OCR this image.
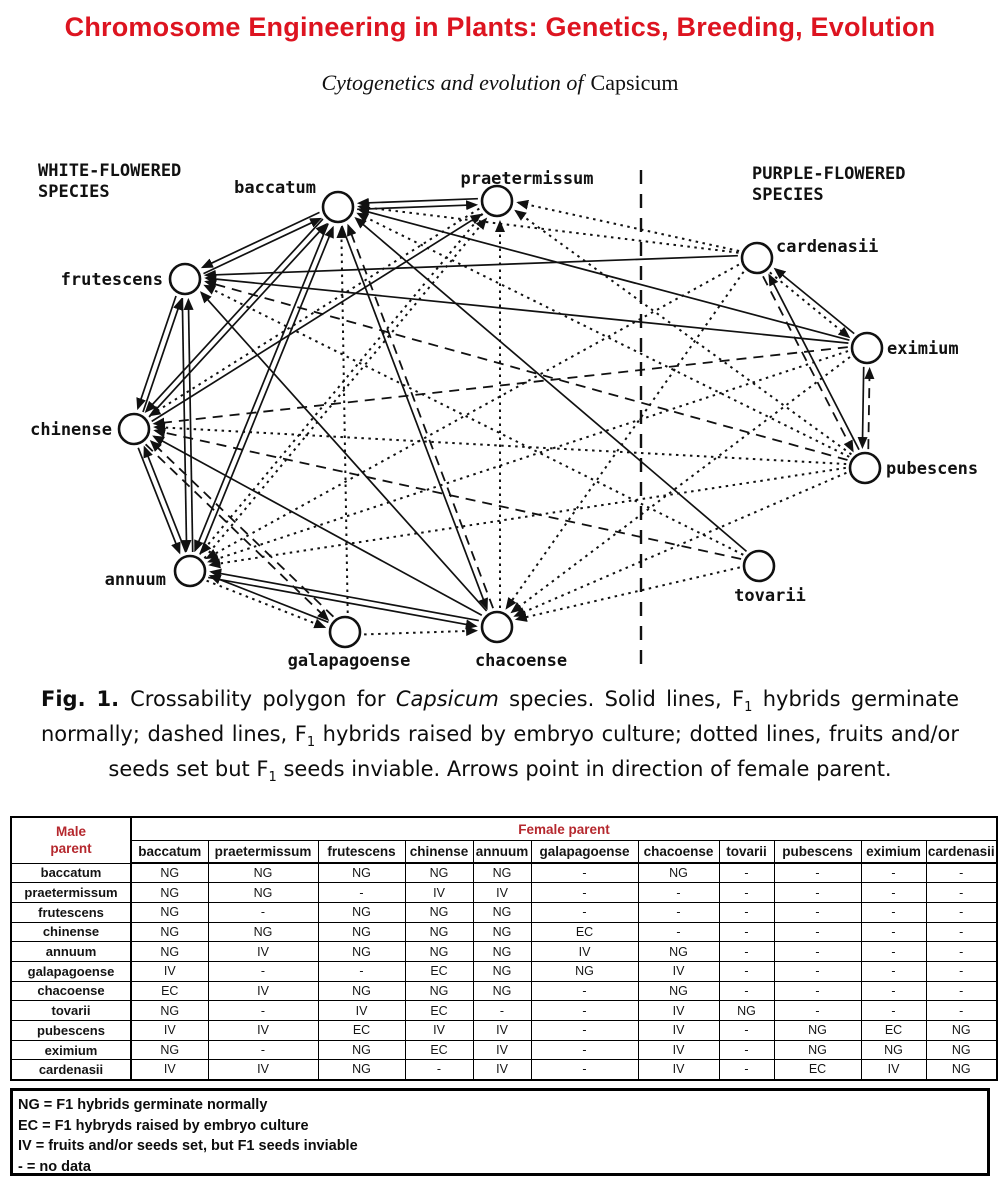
Chromosome Engineering in Plants: Genetics, Breeding, Evolution
Cytogenetics and evolution of Capsicum
WHITE-FLOWERED
SPECIES
PURPLE-FLOWERED
SPECIES
baccatum	praetermissum
cardenasii
eximium
pubescens
tovarii
chacoense
galapagoense
annuum
chinense
frutescens

Fig. 1. Crossability polygon for Capsicum species. Solid lines, $F_1$ hybrids germinate normally; dashed lines, $F_1$ hybrids raised by embryo culture; dotted lines, fruits and/or seeds set but $F_1$ seeds inviable. Arrows point in direction of female parent.

Male
parent	Female parent										
	baccatum	praetermissum	frutescens	chinense	annuum	galapagoense	chacoense	tovarii	pubescens	eximium	cardenasii
baccatum	NG	NG	NG	NG	NG	-	NG	-	-	-	-
praetermissum	NG	NG	-	IV	IV	-	-	-	-	-	-
frutescens	NG	-	NG	NG	NG	-	-	-	-	-	-
chinense	NG	NG	NG	NG	NG	EC	-	-	-	-	-
annuum	NG	IV	NG	NG	NG	IV	NG	-	-	-	-
galapagoense	IV	-	-	EC	NG	NG	IV	-	-	-	-
chacoense	EC	IV	NG	NG	NG	-	NG	-	-	-	-
tovarii	NG	-	IV	EC	-	-	IV	NG	-	-	-
pubescens	IV	IV	EC	IV	IV	-	IV	-	NG	EC	NG
eximium	NG	-	NG	EC	IV	-	IV	-	NG	NG	NG
cardenasii	IV	IV	NG	-	IV	-	IV	-	EC	IV	NG
NG = F1 hybrids germinate normally
EC = F1 hybryds raised by embryo culture
IV = fruits and/or seeds set, but F1 seeds inviable
- = no data
